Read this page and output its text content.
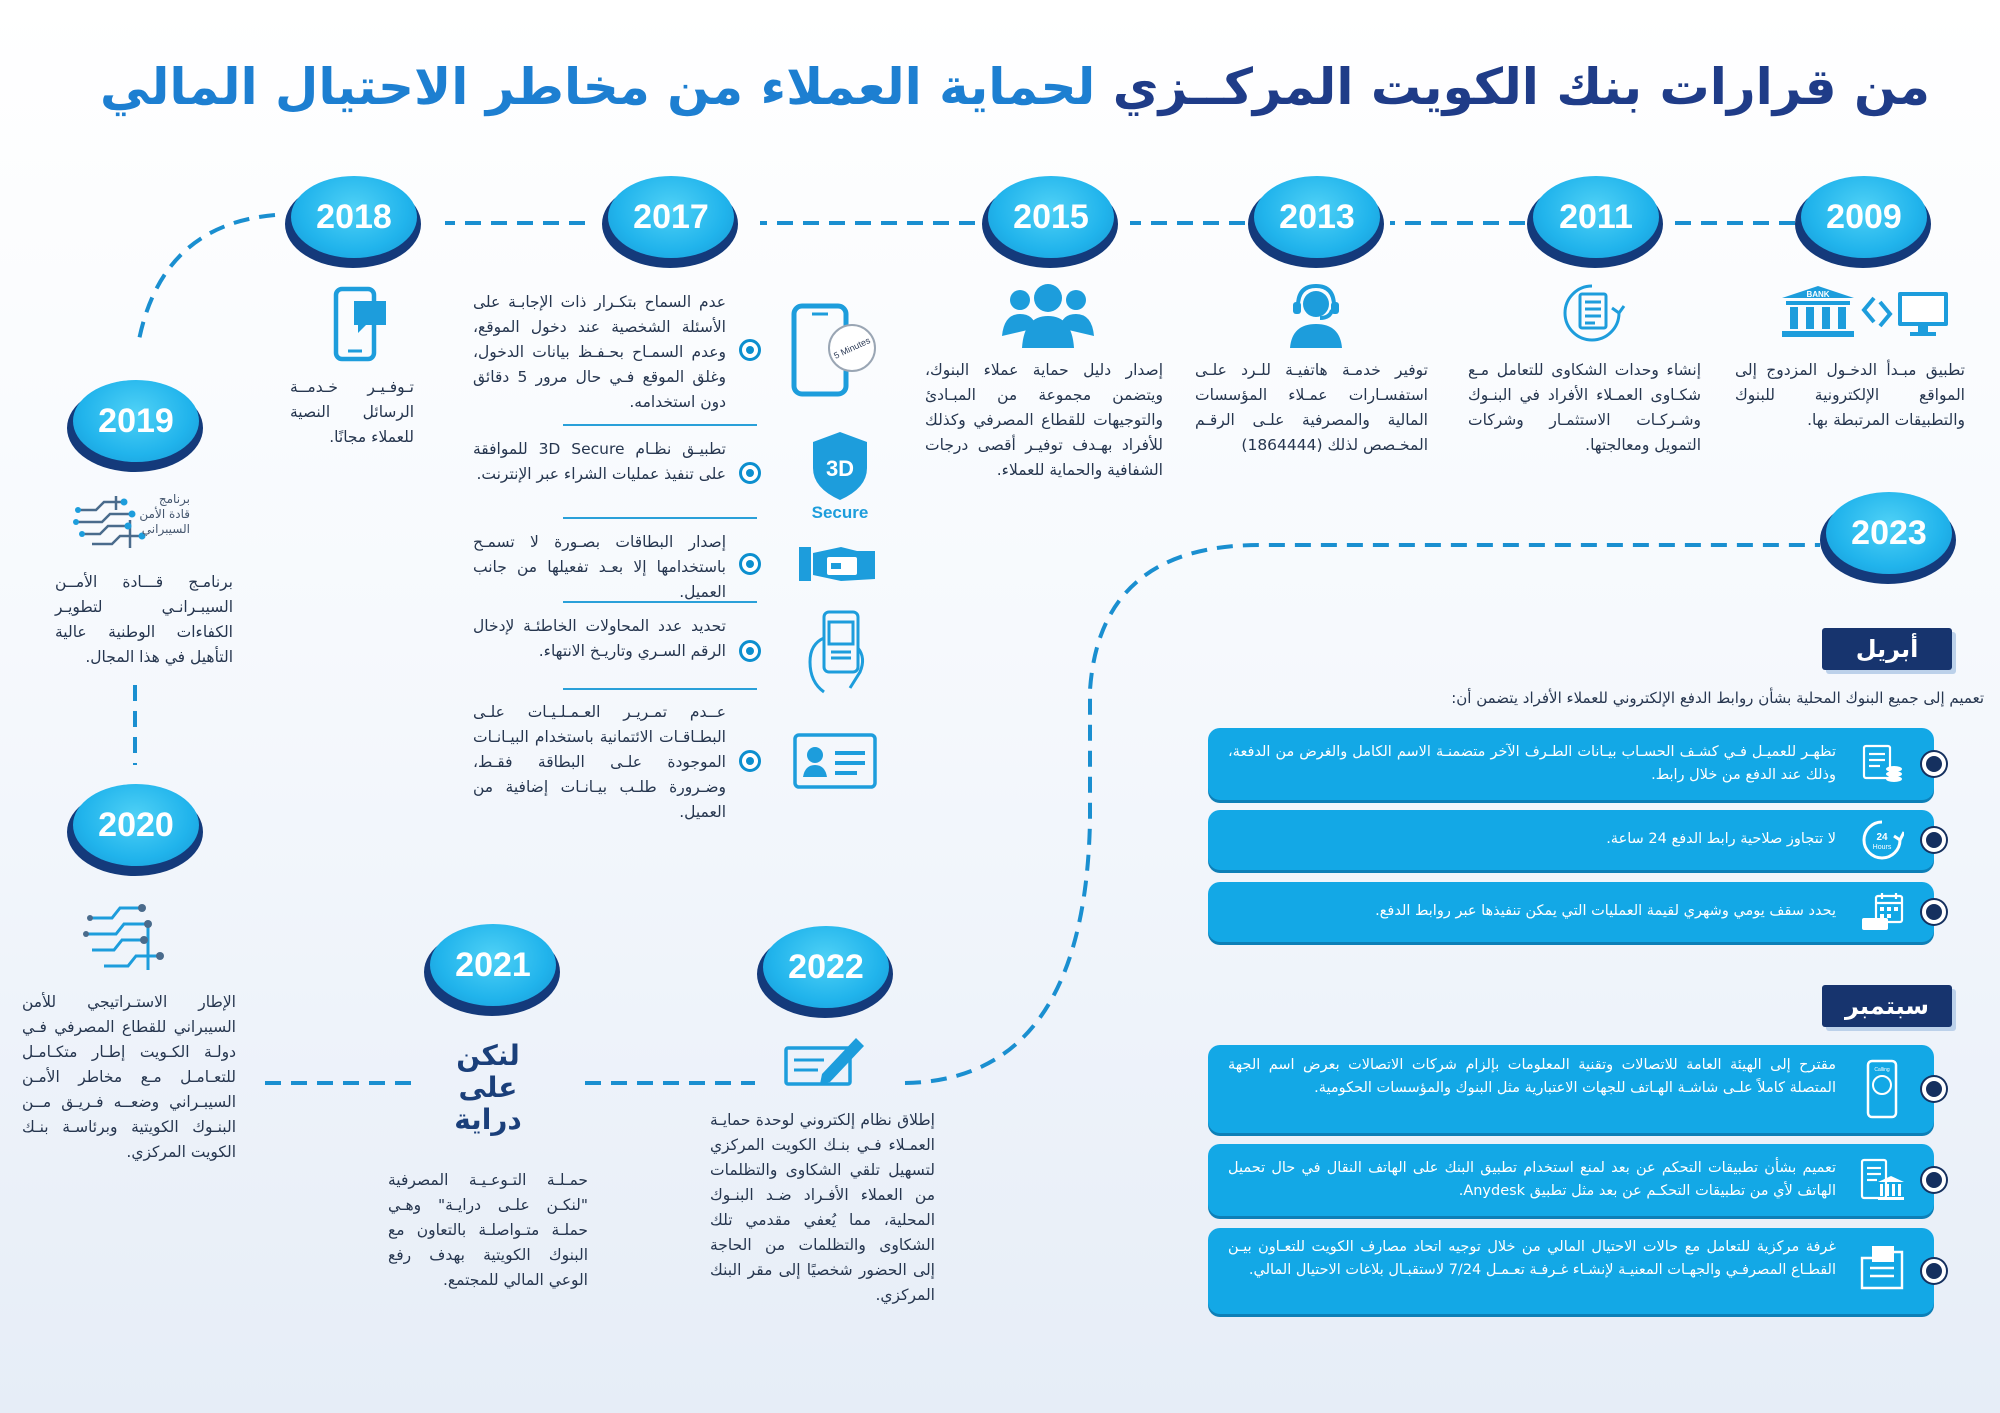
من قرارات بنك الكويت المركــزي لحماية العملاء من مخاطر الاحتيال المالي
2009
2011
2013
2015
2017
2018
2019
2020
2021	2022
2023
BANK
تطبيق مبـدأ الدخـول المزدوج إلى المواقع الإلكترونية للبنوك والتطبيقات المرتبطة بها.
إنشاء وحدات الشكاوى للتعامل مـع شكـاوى العمـلاء الأفراد في البنـوك وشـركـات الاستثمـار وشركات التمويل ومعالجتها.
توفير خدمـة هاتفيـة للـرد علـى استفسـارات عمـلاء المؤسسات المالية والمصرفية علـى الرقـم المخـصص لذلك (1864444)
إصدار دليل حماية عملاء البنوك، ويتضمن مجموعة من المبـادئ والتوجيهات للقطاع المصرفي وكذلك للأفراد بهـدف توفيـر أقصى درجات الشفافية والحماية للعملاء.
عدم السماح بتكـرار ذات الإجابـة على الأسئلة الشخصية عند دخول الموقع، وعدم السمـاح بحـفـظ بيانات الدخول، وغلق الموقع فـي حال مرور 5 دقائق دون استخدامه.
تطبيـق نظـام 3D Secure للموافقة على تنفيذ عمليات الشراء عبر الإنترنت.
إصدار البطاقات بصـورة لا تسمـح باستخدامها إلا بعـد تفعيلها من جانب العميل.
تحديد عدد المحاولات الخاطئـة لإدخال الرقم السـري وتاريـخ الانتهاء.
عــدم تمـريـر العـمـلـيـات علـى البطـاقـات الائتمانية باستخدام البيـانـات الموجودة علـى البطاقة فقـط، وضـرورة طلـب بيـانـات إضافية من العميل.
5 Minutes
3D
Secure
تـوفـيـر خـدمــة الرسائل النصية للعملاء مجانًا.
برنامج
قادة الأمن
السيبراني
برنامـج قـــادة الأمــن السيبـرانـي لتطويـر الكفاءات الوطنية عالية التأهيل في هذا المجال.
الإطار الاستـراتيجي للأمن السيبراني للقطاع المصرفي فـي دولـة الكـويت إطـار متكـامـل للتعـامـل مـع مخاطر الأمـن السيبـراني وضعــه فـريـق مــن البنـوك الكويتية وبرئاسـة بنـك الكويت المركزي.
لنكن
على
دراية
حمـلـة التـوعـيـة المصرفية "لنكـن علـى درايـة" وهـي حملـة متـواصلـة بالتعاون مع البنوك الكويتية بهدف رفع الوعي المالي للمجتمع.
إطلاق نظام إلكتروني لوحدة حمايـة العمـلاء فـي بنـك الكويت المركزي لتسهيل تلقي الشكاوى والتظلمات من العملاء الأفـراد ضـد البنـوك المحلية، مما يُعفي مقدمي تلك الشكاوى والتظلمات من الحاجة إلى الحضور شخصيًا إلى مقر البنك المركزي.
أبريل
تعميم إلى جميع البنوك المحلية بشأن روابط الدفع الإلكتروني للعملاء الأفراد يتضمن أن:
تظهـر للعميـل فـي كشـف الحسـاب بيـانات الطـرف الآخر متضمنـة الاسم الكامل والغرض من الدفعة، وذلك عند الدفع من خلال رابط.
لا تتجاوز صلاحية رابط الدفع 24 ساعة.	24
Hours
يحدد سقف يومي وشهري لقيمة العمليات التي يمكن تنفيذها عبر روابط الدفع.
سبتمبر
مقترح إلى الهيئة العامة للاتصالات وتقنية المعلومات بإلزام شركات الاتصالات بعرض اسم الجهة المتصلة كاملاً علـى شاشـة الهـاتف للجهات الاعتبارية مثل البنوك والمؤسسات الحكومية.
Calling
تعميم بشأن تطبيقات التحكم عن بعد لمنع استخدام تطبيق البنك على الهاتف النقال في حال تحميل الهاتف لأي من تطبيقات التحكـم عن بعد مثل تطبيق Anydesk.
غرفة مركزية للتعامل مع حالات الاحتيال المالي من خلال توجيه اتحاد مصارف الكويت للتعـاون بيـن القطـاع المصرفـي والجهـات المعنيـة لإنشـاء غـرفـة تعـمـل 7/24 لاستقبـال بلاغات الاحتيال المالي.
